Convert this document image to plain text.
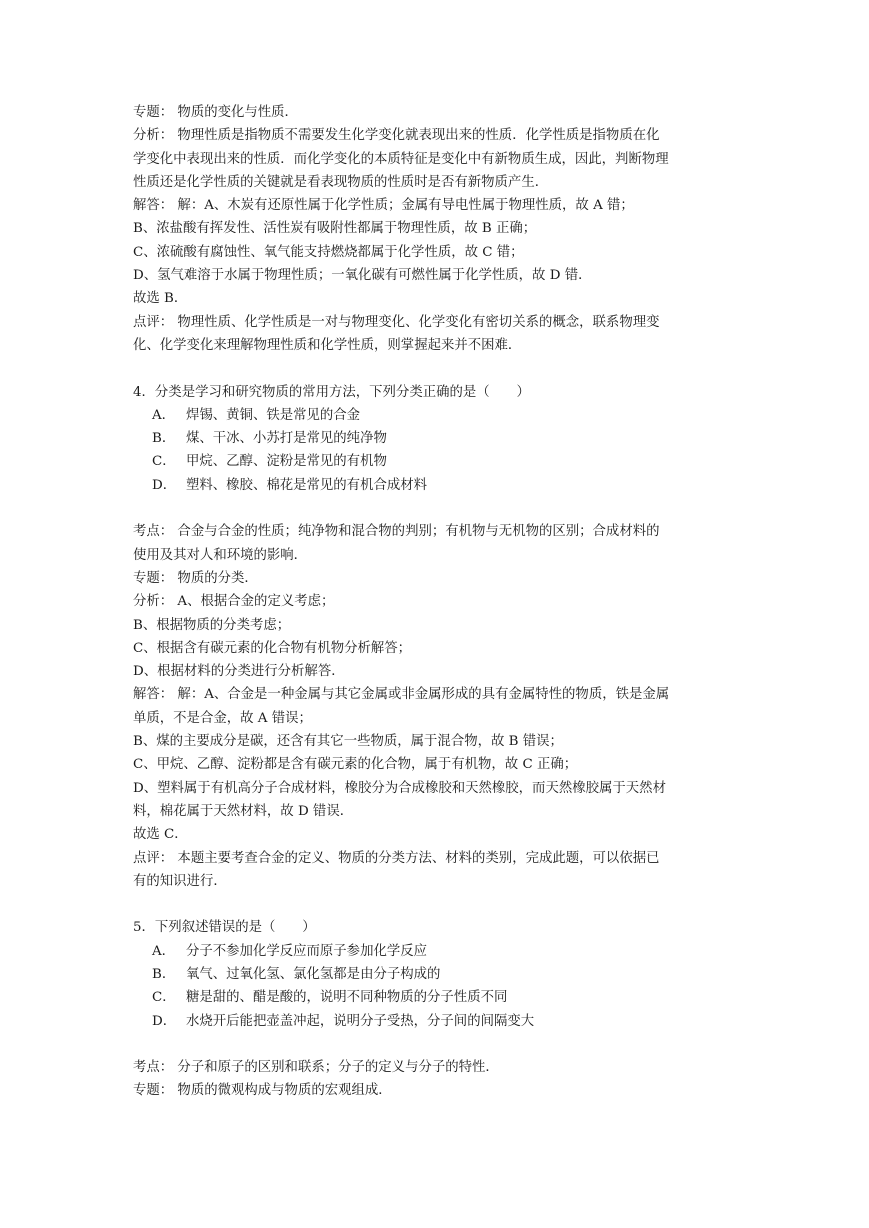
专题： 物质的变化与性质．
分析： 物理性质是指物质不需要发生化学变化就表现出来的性质．化学性质是指物质在化
学变化中表现出来的性质．而化学变化的本质特征是变化中有新物质生成，因此，判断物理
性质还是化学性质的关键就是看表现物质的性质时是否有新物质产生．
解答： 解：A、木炭有还原性属于化学性质；金属有导电性属于物理性质，故 A 错；
B、浓盐酸有挥发性、活性炭有吸附性都属于物理性质，故 B 正确；
C、浓硫酸有腐蚀性、氧气能支持燃烧都属于化学性质，故 C 错；
D、氢气难溶于水属于物理性质；一氧化碳有可燃性属于化学性质，故 D 错．
故选 B．
点评： 物理性质、化学性质是一对与物理变化、化学变化有密切关系的概念，联系物理变
化、化学变化来理解物理性质和化学性质，则掌握起来并不困难．
4．分类是学习和研究物质的常用方法，下列分类正确的是（　　）
A． 焊锡、黄铜、铁是常见的合金
B． 煤、干冰、小苏打是常见的纯净物
C． 甲烷、乙醇、淀粉是常见的有机物
D． 塑料、橡胶、棉花是常见的有机合成材料
考点： 合金与合金的性质；纯净物和混合物的判别；有机物与无机物的区别；合成材料的
使用及其对人和环境的影响．
专题： 物质的分类．
分析： A、根据合金的定义考虑；
B、根据物质的分类考虑；
C、根据含有碳元素的化合物有机物分析解答；
D、根据材料的分类进行分析解答．
解答： 解：A、合金是一种金属与其它金属或非金属形成的具有金属特性的物质，铁是金属
单质，不是合金，故 A 错误；
B、煤的主要成分是碳，还含有其它一些物质，属于混合物，故 B 错误；
C、甲烷、乙醇、淀粉都是含有碳元素的化合物，属于有机物，故 C 正确；
D、塑料属于有机高分子合成材料，橡胶分为合成橡胶和天然橡胶，而天然橡胶属于天然材
料，棉花属于天然材料，故 D 错误．
故选 C．
点评： 本题主要考查合金的定义、物质的分类方法、材料的类别，完成此题，可以依据已
有的知识进行．
5．下列叙述错误的是（　　）
A． 分子不参加化学反应而原子参加化学反应
B． 氧气、过氧化氢、氯化氢都是由分子构成的
C． 糖是甜的、醋是酸的，说明不同种物质的分子性质不同
D． 水烧开后能把壶盖冲起，说明分子受热，分子间的间隔变大
考点： 分子和原子的区别和联系；分子的定义与分子的特性．
专题： 物质的微观构成与物质的宏观组成．
